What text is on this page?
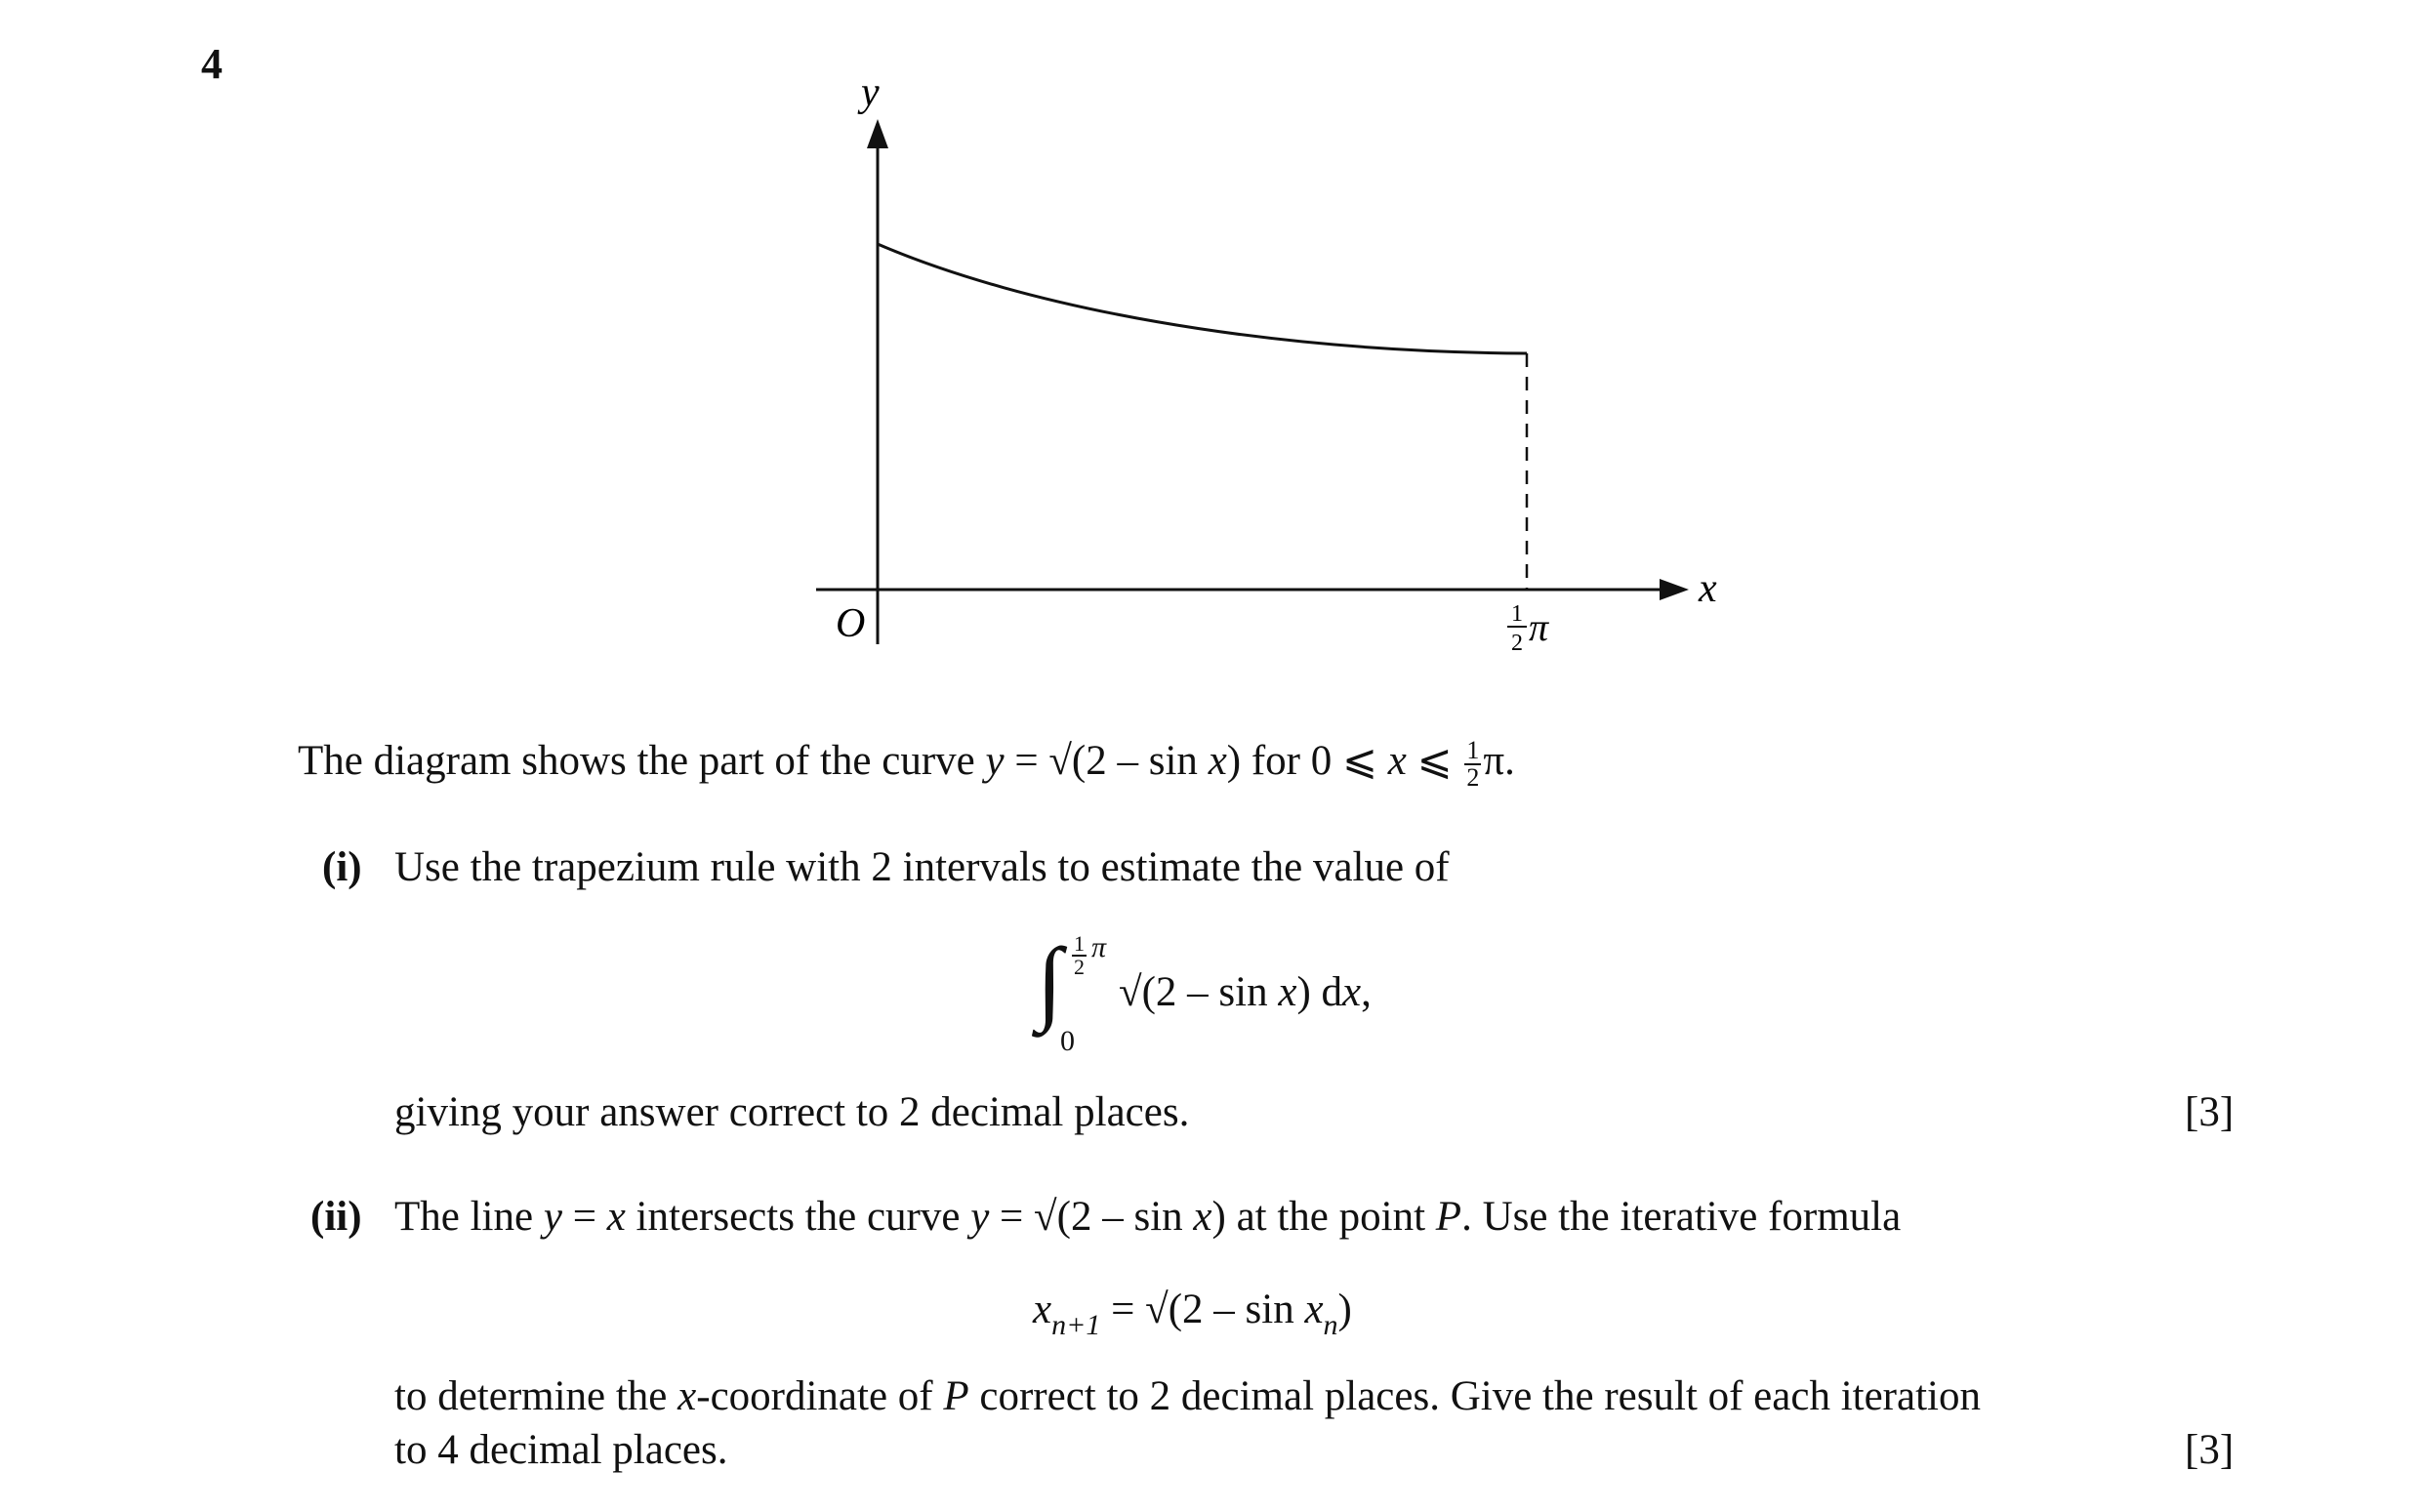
4
y
x
O	1
2 π
The diagram shows the part of the curve y = √(2 – sin x) for 0 ⩽ x ⩽ $\frac{1}{2} \pi$.
(i) Use the trapezium rule with 2 intervals to estimate the value of
∫ $\frac{1}{2}$ π
0
√(2 – sin x) dx,
giving your answer correct to 2 decimal places.	[3]
(ii) The line y = x intersects the curve y = √(2 – sin x) at the point P. Use the iterative formula
$x_{n+1} = √(2 - \sin x_n)$
to determine the x-coordinate of P correct to 2 decimal places. Give the result of each iteration
to 4 decimal places.	[3]
